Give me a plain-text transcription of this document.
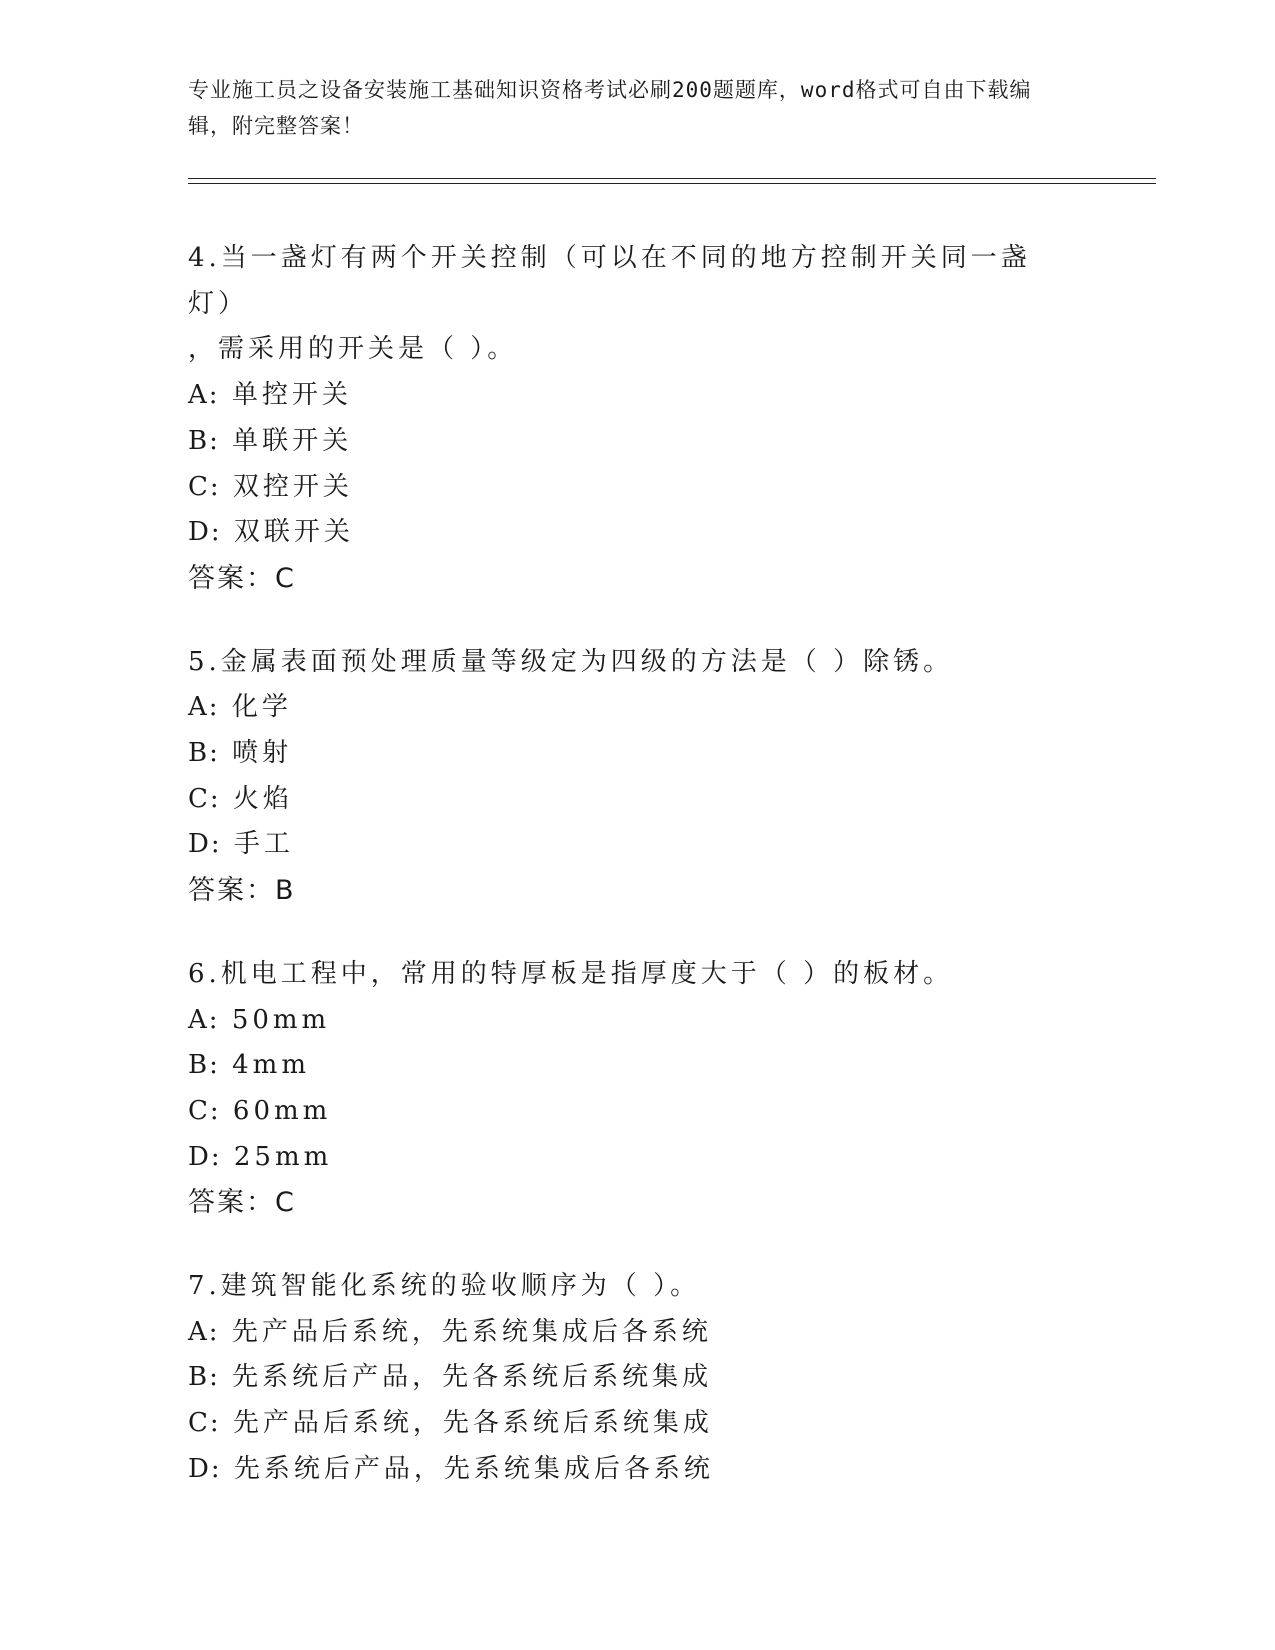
专业施工员之设备安装施工基础知识资格考试必刷200题题库，word格式可自由下载编辑，附完整答案！
4.当一盏灯有两个开关控制（可以在不同的地方控制开关同一盏灯）
，需采用的开关是（ ）。
A: 单控开关
B: 单联开关
C: 双控开关
D: 双联开关
答案：C
5.金属表面预处理质量等级定为四级的方法是（ ）除锈。
A: 化学
B: 喷射
C: 火焰
D: 手工
答案：B
6.机电工程中，常用的特厚板是指厚度大于（ ）的板材。
A: 50mm
B: 4mm
C: 60mm
D: 25mm
答案：C
7.建筑智能化系统的验收顺序为（ ）。
A: 先产品后系统，先系统集成后各系统
B: 先系统后产品，先各系统后系统集成
C: 先产品后系统，先各系统后系统集成
D: 先系统后产品，先系统集成后各系统
